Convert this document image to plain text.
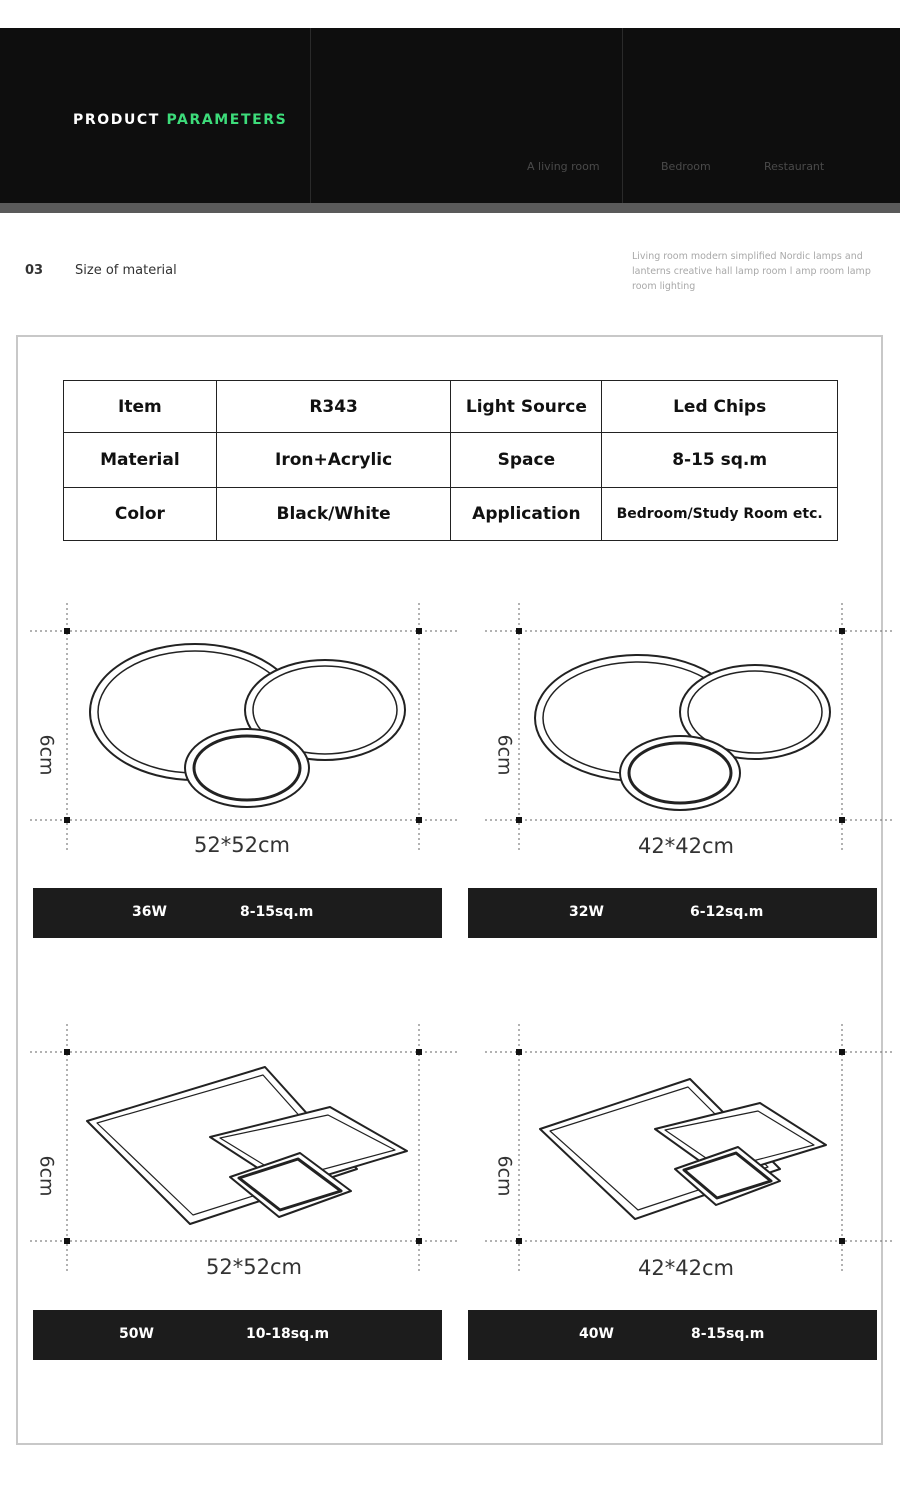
PRODUCT PARAMETERS
A living room	Bedroom	Restaurant
03 Size of material
Living room modern simplified Nordic lamps and lanterns creative hall lamp room l amp room lamp room lighting
Item	R343	Light Source	Led Chips
Material	Iron+Acrylic	Space	8-15 sq.m
Color	Black/White	Application	Bedroom/Study Room etc.
52*52cm
6cm
42*42cm
6cm
36W	8-15sq.m	32W	6-12sq.m
52*52cm
6cm
42*42cm
6cm
50W	10-18sq.m	40W	8-15sq.m
